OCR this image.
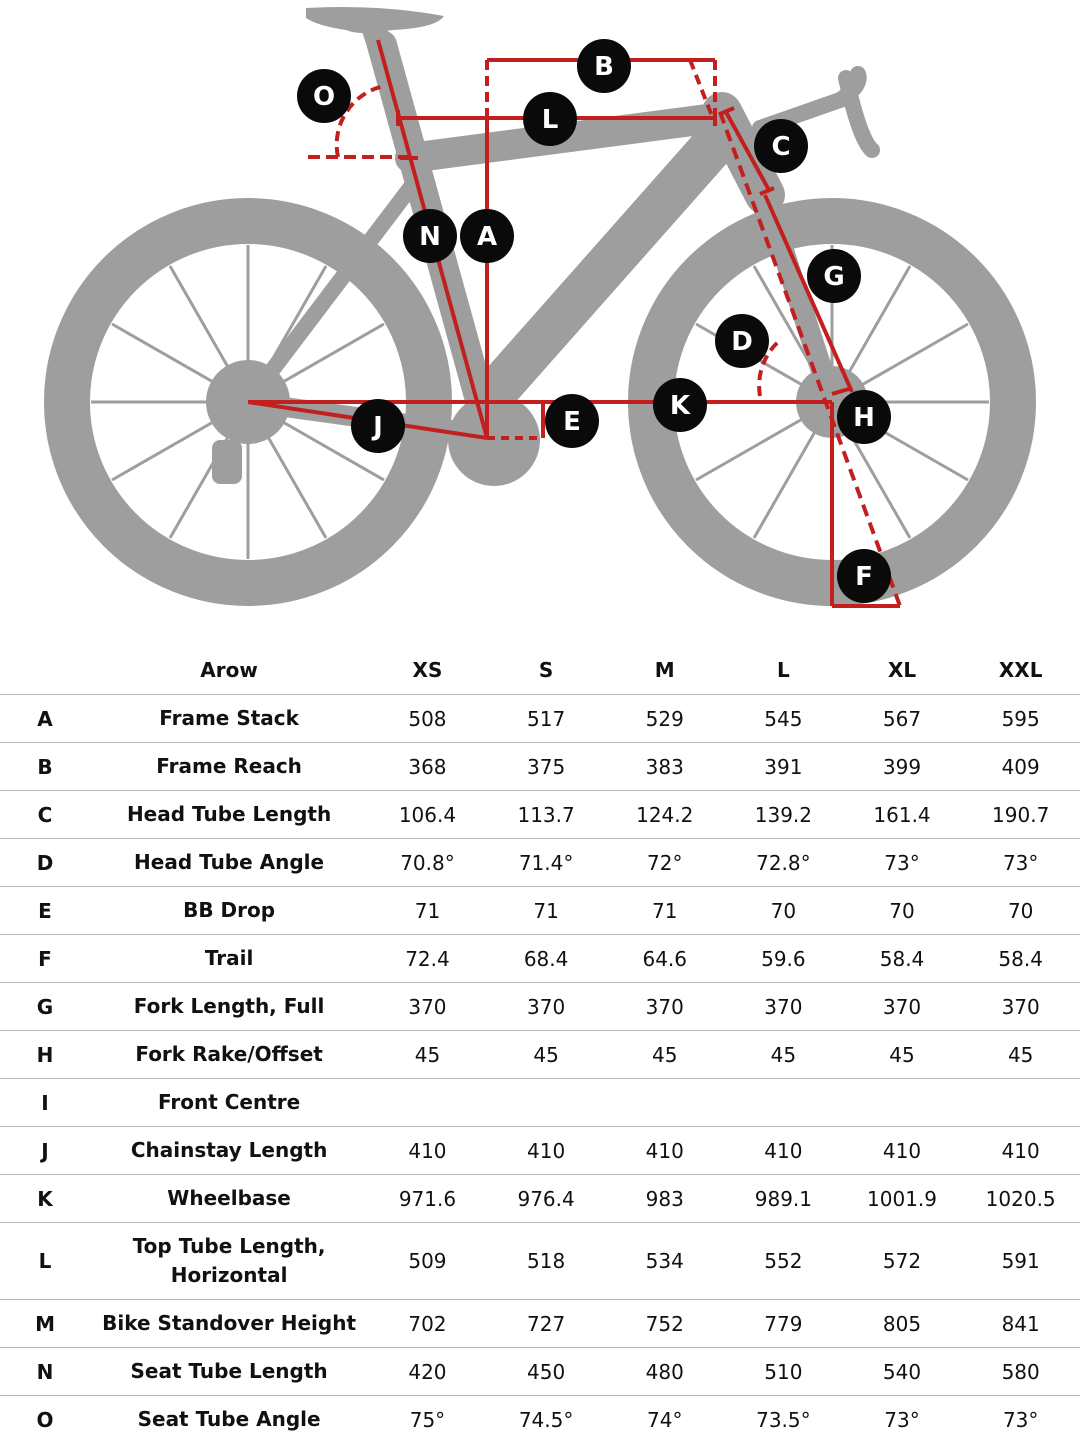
O
B
L
C
N A
G
D
K	H
J	E
F
	Arow	XS	S	M	L	XL	XXL
A	Frame Stack	508	517	529	545	567	595
B	Frame Reach	368	375	383	391	399	409
C	Head Tube Length	106.4	113.7	124.2	139.2	161.4	190.7
D	Head Tube Angle	70.8°	71.4°	72°	72.8°	73°	73°
E	BB Drop	71	71	71	70	70	70
F	Trail	72.4	68.4	64.6	59.6	58.4	58.4
G	Fork Length, Full	370	370	370	370	370	370
H	Fork Rake/Offset	45	45	45	45	45	45
I	Front Centre						
J	Chainstay Length	410	410	410	410	410	410
K	Wheelbase	971.6	976.4	983	989.1	1001.9	1020.5
L	Top Tube Length,
Horizontal	509	518	534	552	572	591
M	Bike Standover Height	702	727	752	779	805	841
N	Seat Tube Length	420	450	480	510	540	580
O	Seat Tube Angle	75°	74.5°	74°	73.5°	73°	73°
